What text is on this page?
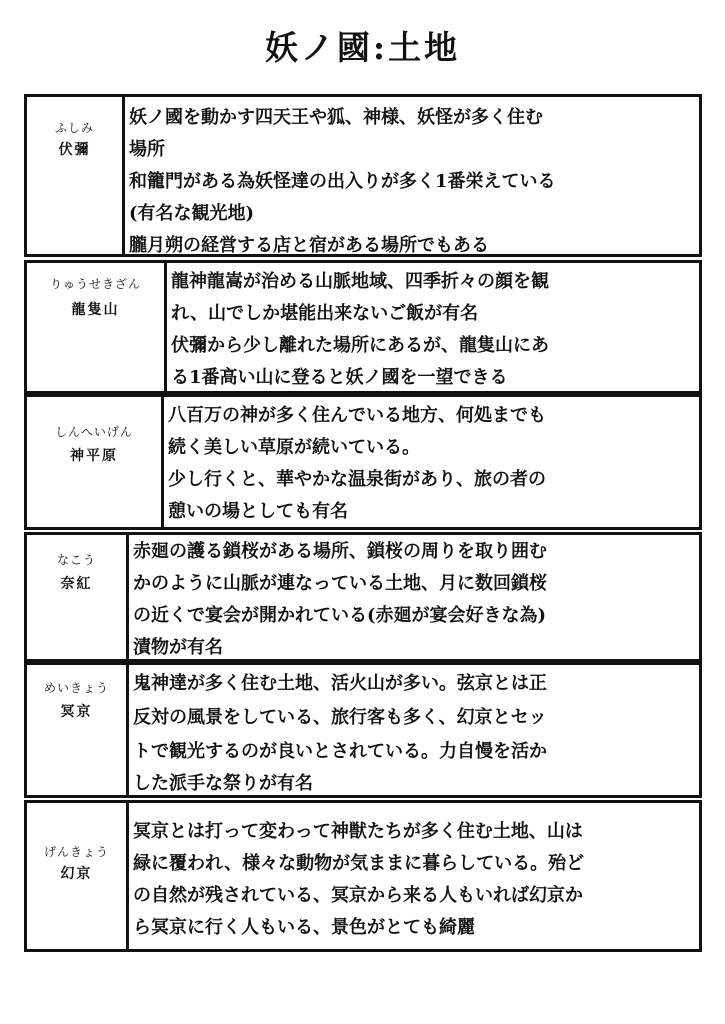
妖ノ國:土地
ふしみ
伏彌
妖ノ國を動かす四天王や狐、神様、妖怪が多く住む
場所
和籠門がある為妖怪達の出入りが多く1番栄えている
(有名な観光地)
朧月朔の経営する店と宿がある場所でもある
りゅうせきざん
龍隻山
龍神龍嵩が治める山脈地域、四季折々の顔を観
れ、山でしか堪能出来ないご飯が有名
伏彌から少し離れた場所にあるが、龍隻山にあ
る1番高い山に登ると妖ノ國を一望できる
しんへいげん
神平原
八百万の神が多く住んでいる地方、何処までも
続く美しい草原が続いている。
少し行くと、華やかな温泉街があり、旅の者の
憩いの場としても有名
なこう
奈紅
赤廻の護る鎖桜がある場所、鎖桜の周りを取り囲む
かのように山脈が連なっている土地、月に数回鎖桜
の近くで宴会が開かれている(赤廻が宴会好きな為)
漬物が有名
めいきょう
冥京
鬼神達が多く住む土地、活火山が多い。弦京とは正
反対の風景をしている、旅行客も多く、幻京とセッ
トで観光するのが良いとされている。力自慢を活か
した派手な祭りが有名
げんきょう
幻京
冥京とは打って変わって神獣たちが多く住む土地、山は
緑に覆われ、様々な動物が気ままに暮らしている。殆ど
の自然が残されている、冥京から来る人もいれば幻京か
ら冥京に行く人もいる、景色がとても綺麗
